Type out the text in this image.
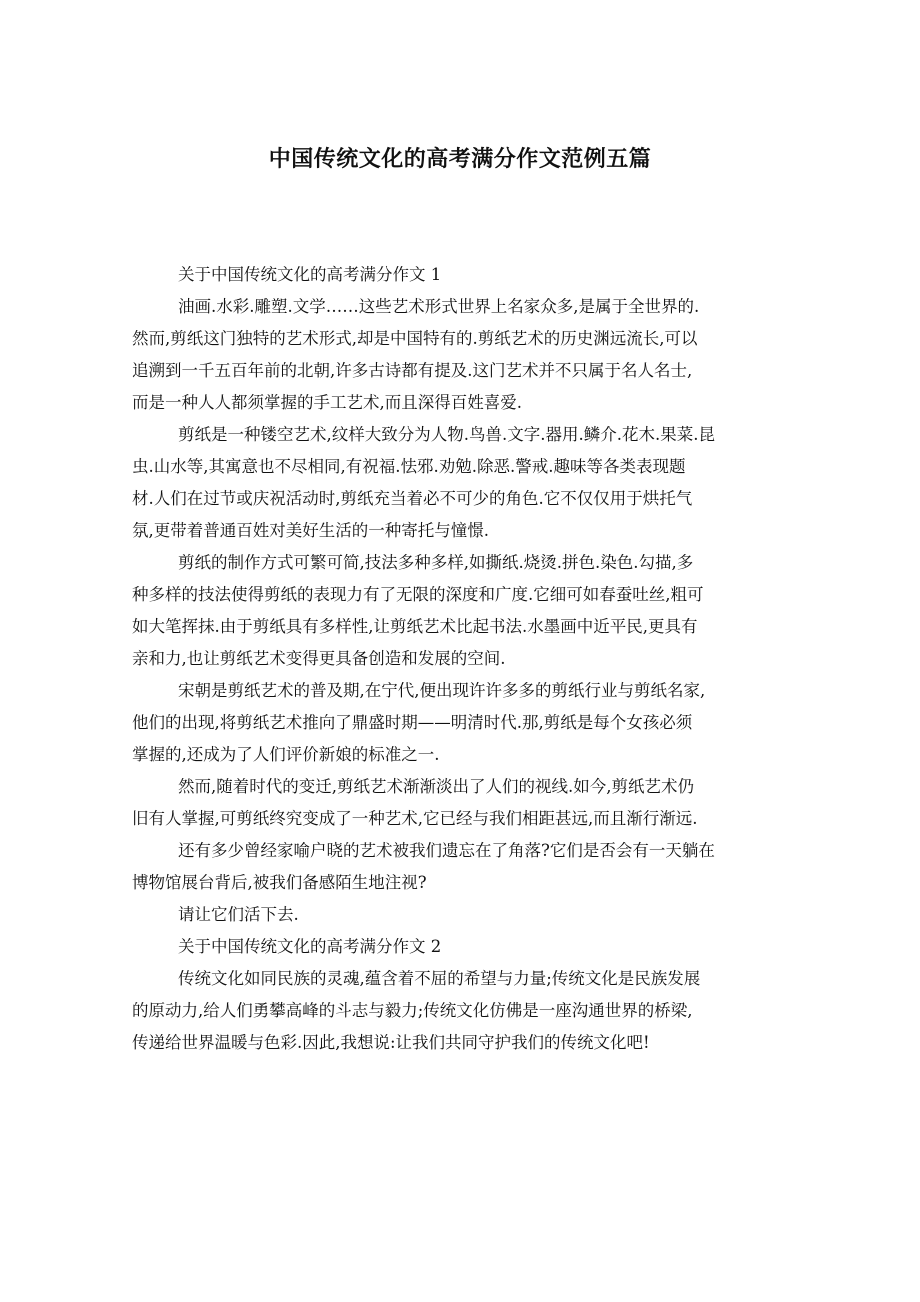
中国传统文化的高考满分作文范例五篇
关于中国传统文化的高考满分作文 1
油画.水彩.雕塑.文学……这些艺术形式世界上名家众多,是属于全世界的.
然而,剪纸这门独特的艺术形式,却是中国特有的.剪纸艺术的历史渊远流长,可以
追溯到一千五百年前的北朝,许多古诗都有提及.这门艺术并不只属于名人名士,
而是一种人人都须掌握的手工艺术,而且深得百姓喜爱.
剪纸是一种镂空艺术,纹样大致分为人物.鸟兽.文字.器用.鳞介.花木.果菜.昆
虫.山水等,其寓意也不尽相同,有祝福.怯邪.劝勉.除恶.警戒.趣味等各类表现题
材.人们在过节或庆祝活动时,剪纸充当着必不可少的角色.它不仅仅用于烘托气
氛,更带着普通百姓对美好生活的一种寄托与憧憬.
剪纸的制作方式可繁可简,技法多种多样,如撕纸.烧烫.拼色.染色.勾描,多
种多样的技法使得剪纸的表现力有了无限的深度和广度.它细可如春蚕吐丝,粗可
如大笔挥抹.由于剪纸具有多样性,让剪纸艺术比起书法.水墨画中近平民,更具有
亲和力,也让剪纸艺术变得更具备创造和发展的空间.
宋朝是剪纸艺术的普及期,在宁代,便出现许许多多的剪纸行业与剪纸名家,
他们的出现,将剪纸艺术推向了鼎盛时期——明清时代.那,剪纸是每个女孩必须
掌握的,还成为了人们评价新娘的标准之一.
然而,随着时代的变迁,剪纸艺术渐渐淡出了人们的视线.如今,剪纸艺术仍
旧有人掌握,可剪纸终究变成了一种艺术,它已经与我们相距甚远,而且渐行渐远.
还有多少曾经家喻户晓的艺术被我们遗忘在了角落?它们是否会有一天躺在
博物馆展台背后,被我们备感陌生地注视?
请让它们活下去.
关于中国传统文化的高考满分作文 2
传统文化如同民族的灵魂,蕴含着不屈的希望与力量;传统文化是民族发展
的原动力,给人们勇攀高峰的斗志与毅力;传统文化仿佛是一座沟通世界的桥梁,
传递给世界温暖与色彩.因此,我想说:让我们共同守护我们的传统文化吧!
